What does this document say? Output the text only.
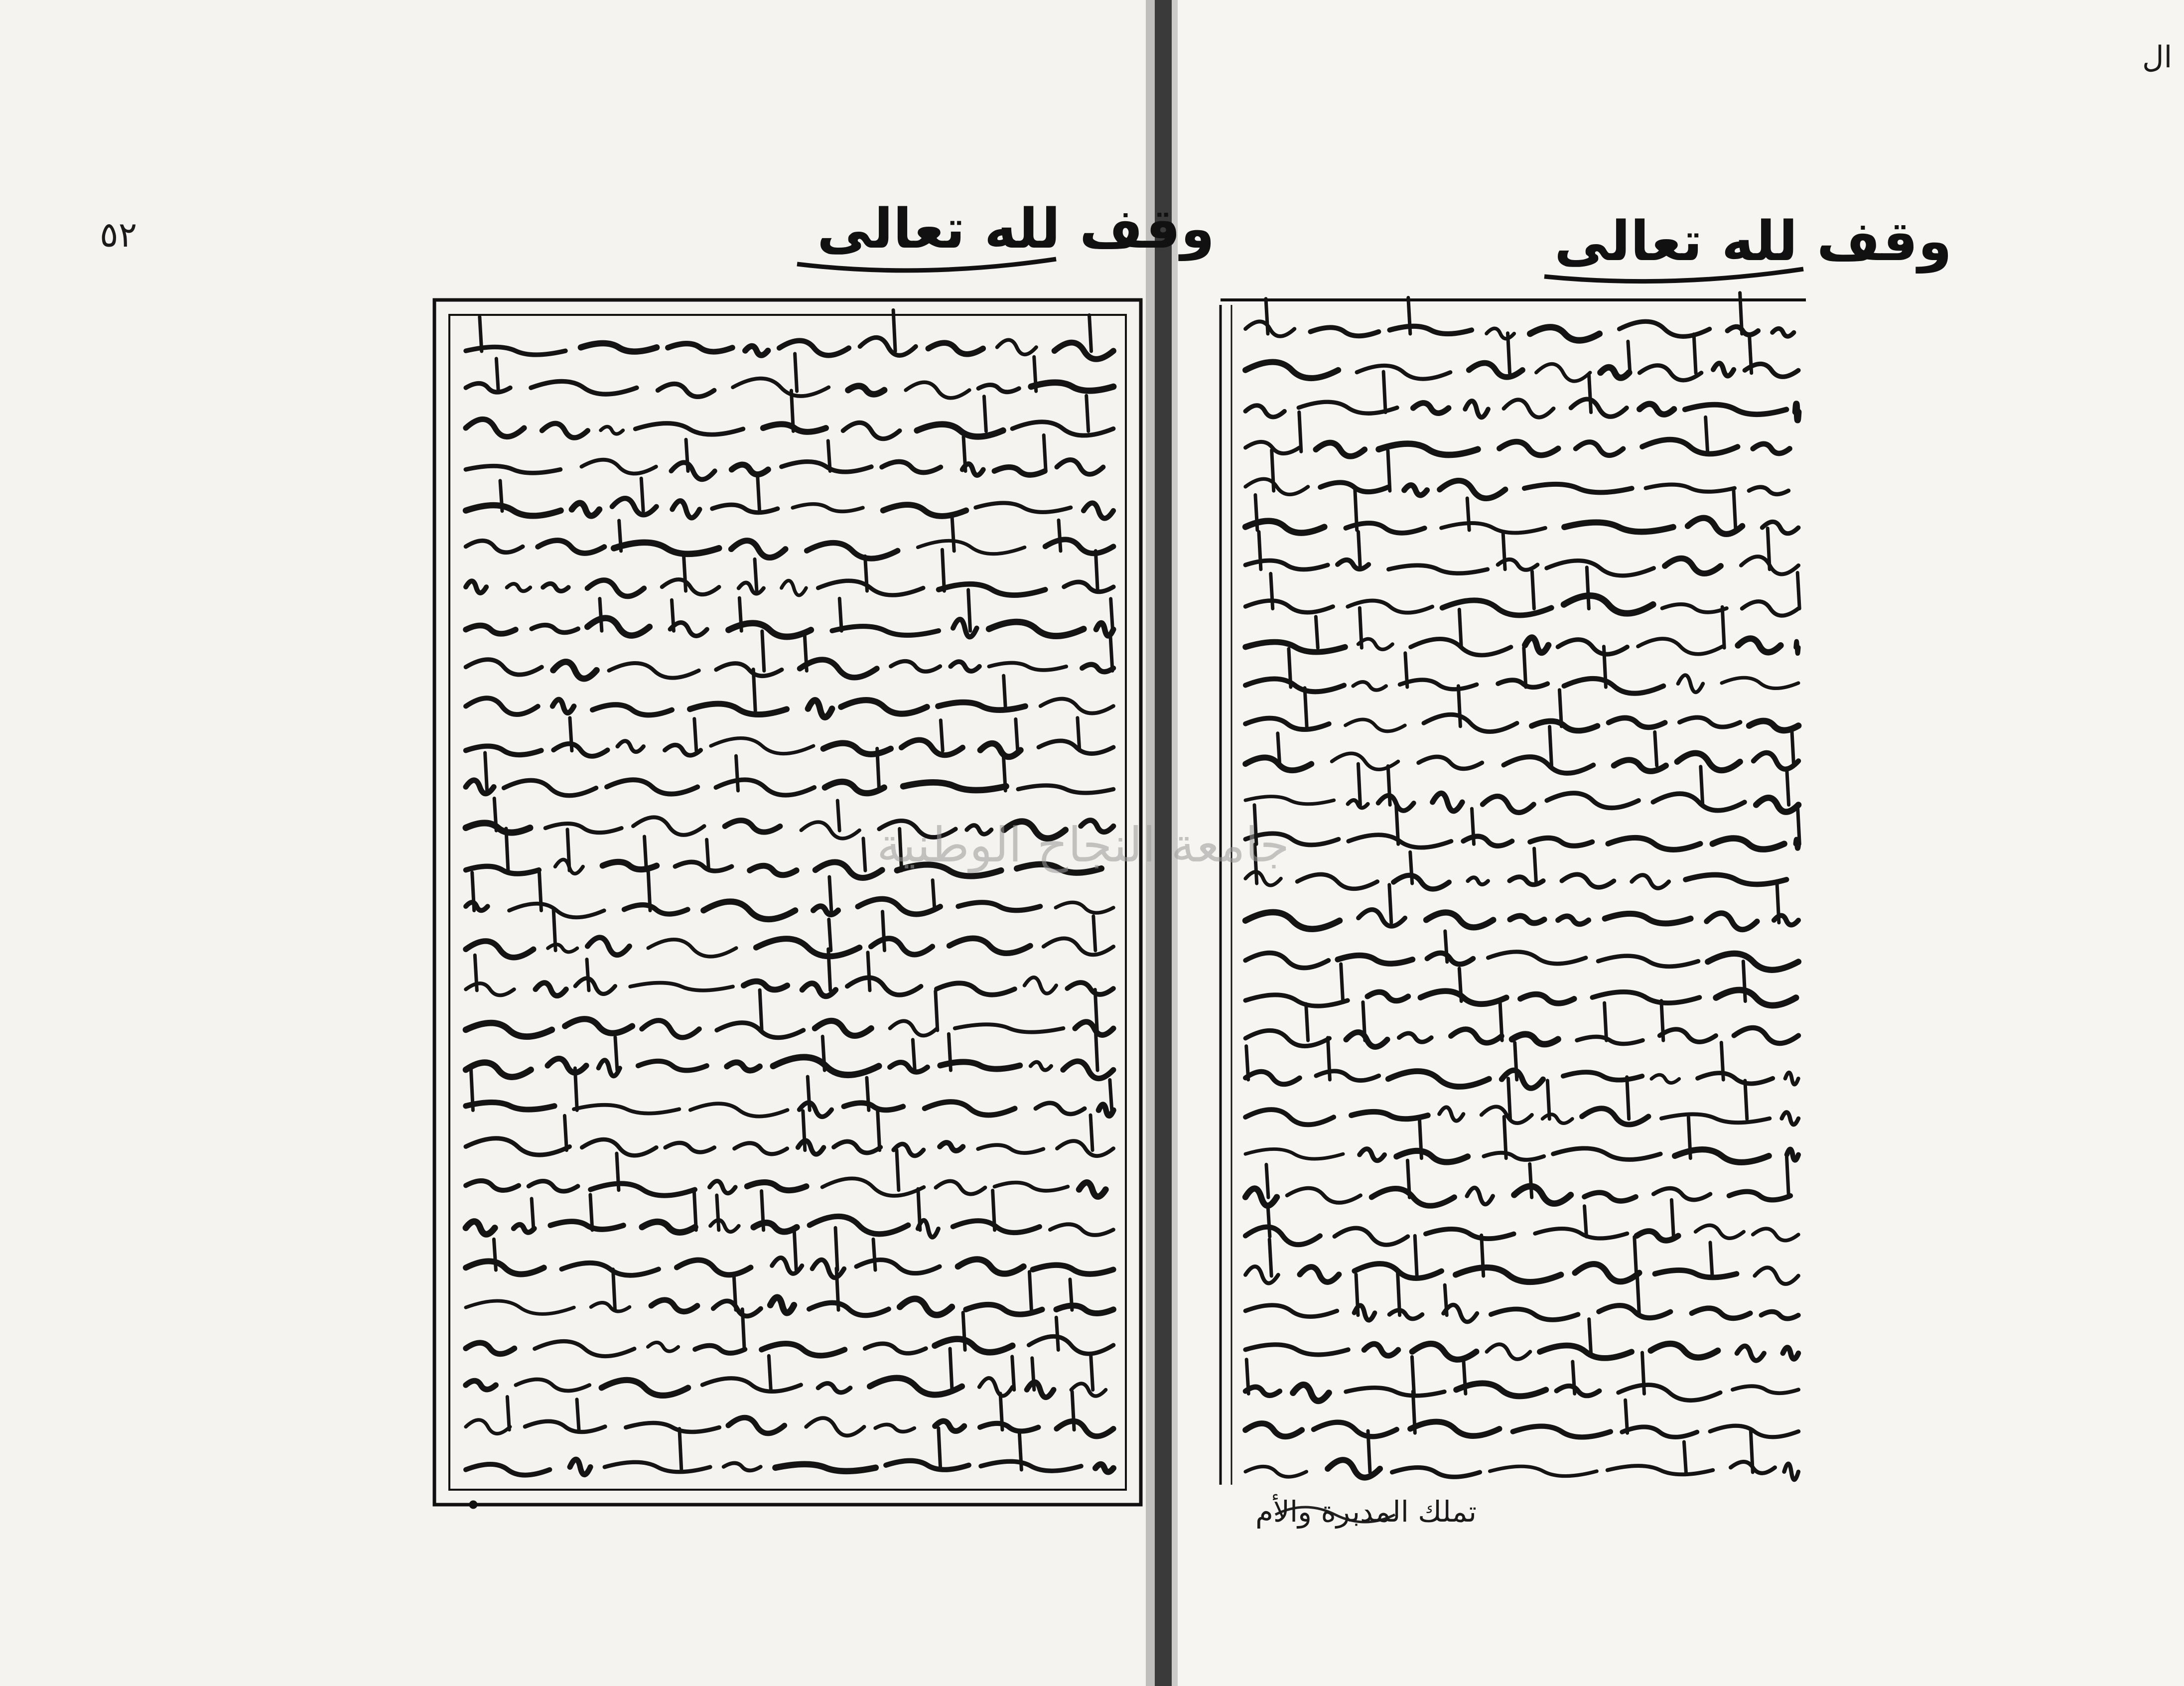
وقف لله تعالى	وقف لله تعالى
٥٢
تملك المدبرة والأم
ال
جامعة النجاح الوطنية
